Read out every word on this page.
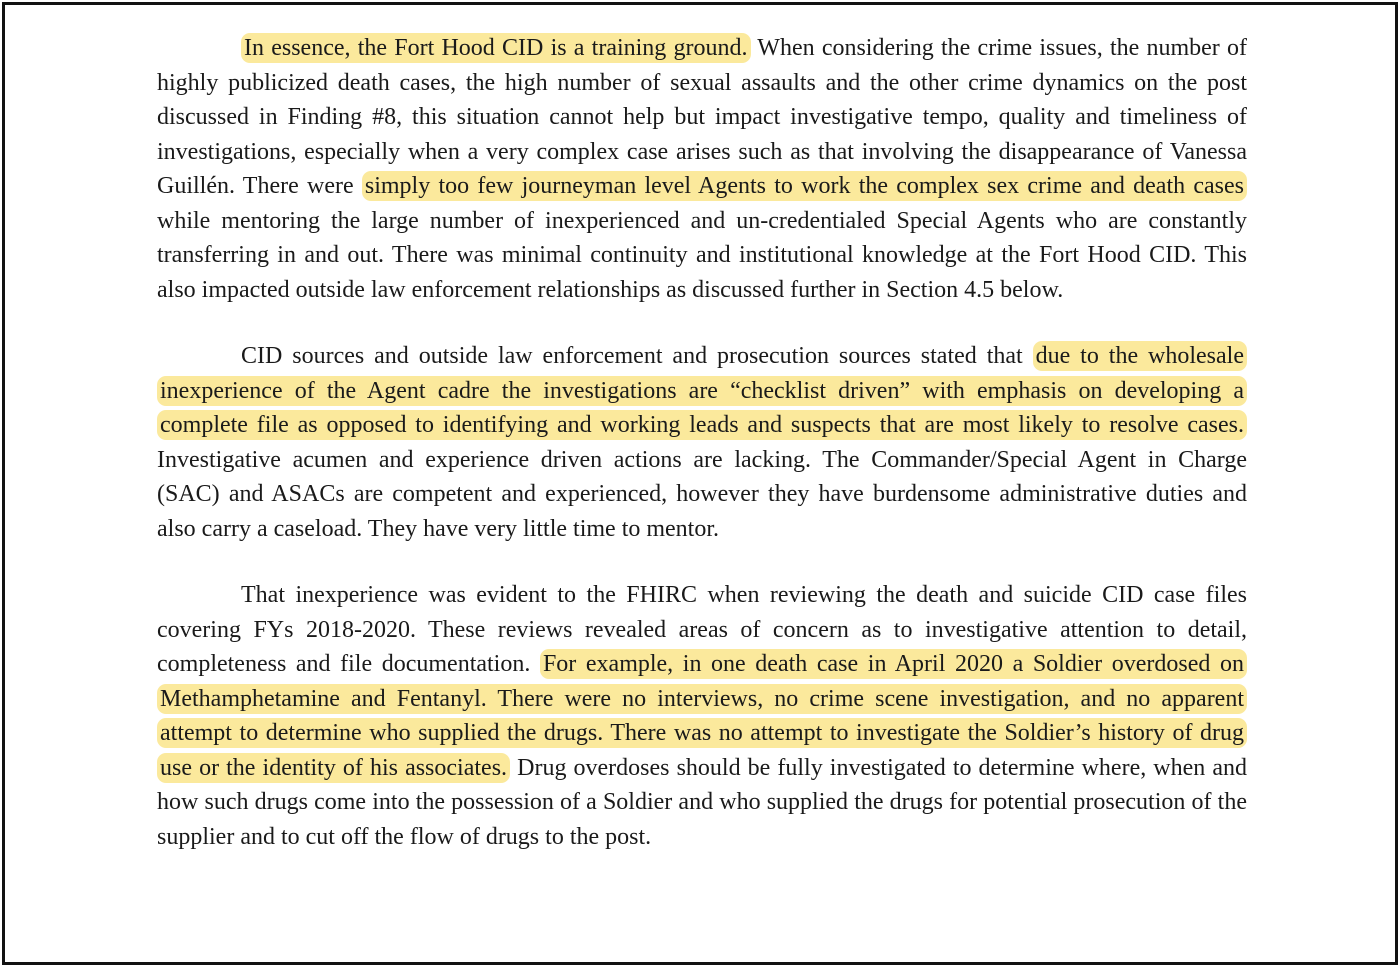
In essence, the Fort Hood CID is a training ground. When considering the crime issues, the number of highly publicized death cases, the high number of sexual assaults and the other crime dynamics on the post discussed in Finding #8, this situation cannot help but impact investigative tempo, quality and timeliness of investigations, especially when a very complex case arises such as that involving the disappearance of Vanessa Guillén. There were simply too few journeyman level Agents to work the complex sex crime and death cases while mentoring the large number of inexperienced and un-credentialed Special Agents who are constantly transferring in and out. There was minimal continuity and institutional knowledge at the Fort Hood CID. This also impacted outside law enforcement relationships as discussed further in Section 4.5 below.

CID sources and outside law enforcement and prosecution sources stated that due to the wholesale inexperience of the Agent cadre the investigations are “checklist driven” with emphasis on developing a complete file as opposed to identifying and working leads and suspects that are most likely to resolve cases. Investigative acumen and experience driven actions are lacking. The Commander/Special Agent in Charge (SAC) and ASACs are competent and experienced, however they have burdensome administrative duties and also carry a caseload. They have very little time to mentor.

That inexperience was evident to the FHIRC when reviewing the death and suicide CID case files covering FYs 2018-2020. These reviews revealed areas of concern as to investigative attention to detail, completeness and file documentation. For example, in one death case in April 2020 a Soldier overdosed on Methamphetamine and Fentanyl. There were no interviews, no crime scene investigation, and no apparent attempt to determine who supplied the drugs. There was no attempt to investigate the Soldier’s history of drug use or the identity of his associates. Drug overdoses should be fully investigated to determine where, when and how such drugs come into the possession of a Soldier and who supplied the drugs for potential prosecution of the supplier and to cut off the flow of drugs to the post.
